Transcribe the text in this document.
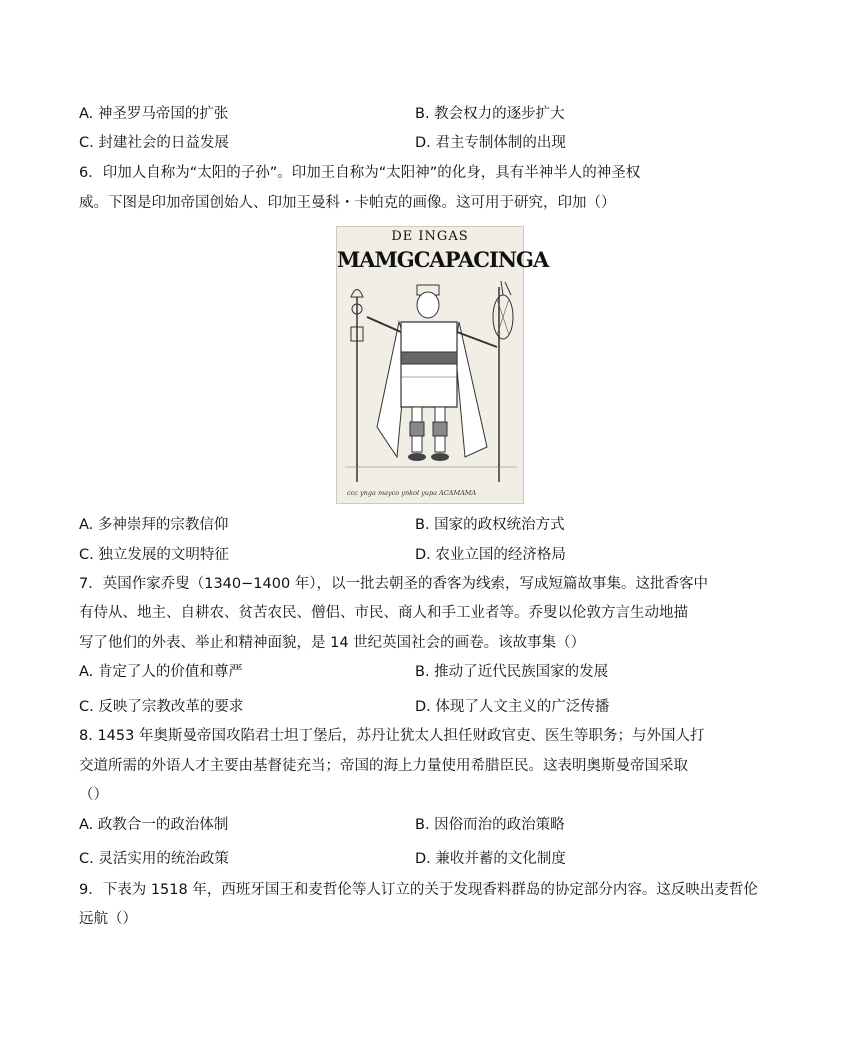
A. 神圣罗马帝国的扩张	B. 教会权力的逐步扩大
C. 封建社会的日益发展	D. 君主专制体制的出现
6．印加人自称为“太阳的子孙”。印加王自称为“太阳神”的化身，具有半神半人的神圣权
威。下图是印加帝国创始人、印加王曼科・卡帕克的画像。这可用于研究，印加（）
DE INGAS
MAMGCAPACINGA
ccc ynga mayco ynkol yupa ACAMAMA
A. 多神崇拜的宗教信仰	B. 国家的政权统治方式
C. 独立发展的文明特征	D. 农业立国的经济格局
7．英国作家乔叟（1340−1400 年），以一批去朝圣的香客为线索，写成短篇故事集。这批香客中
有侍从、地主、自耕农、贫苦农民、僧侣、市民、商人和手工业者等。乔叟以伦敦方言生动地描
写了他们的外表、举止和精神面貌，是 14 世纪英国社会的画卷。该故事集（）
A. 肯定了人的价值和尊严	B. 推动了近代民族国家的发展
C. 反映了宗教改革的要求	D. 体现了人文主义的广泛传播
8. 1453 年奥斯曼帝国攻陷君士坦丁堡后，苏丹让犹太人担任财政官吏、医生等职务；与外国人打
交道所需的外语人才主要由基督徒充当；帝国的海上力量使用希腊臣民。这表明奥斯曼帝国采取
（）
A. 政教合一的政治体制	B. 因俗而治的政治策略
C. 灵活实用的统治政策	D. 兼收并蓄的文化制度
9．下表为 1518 年，西班牙国王和麦哲伦等人订立的关于发现香料群岛的协定部分内容。这反映出麦哲伦
远航（）
